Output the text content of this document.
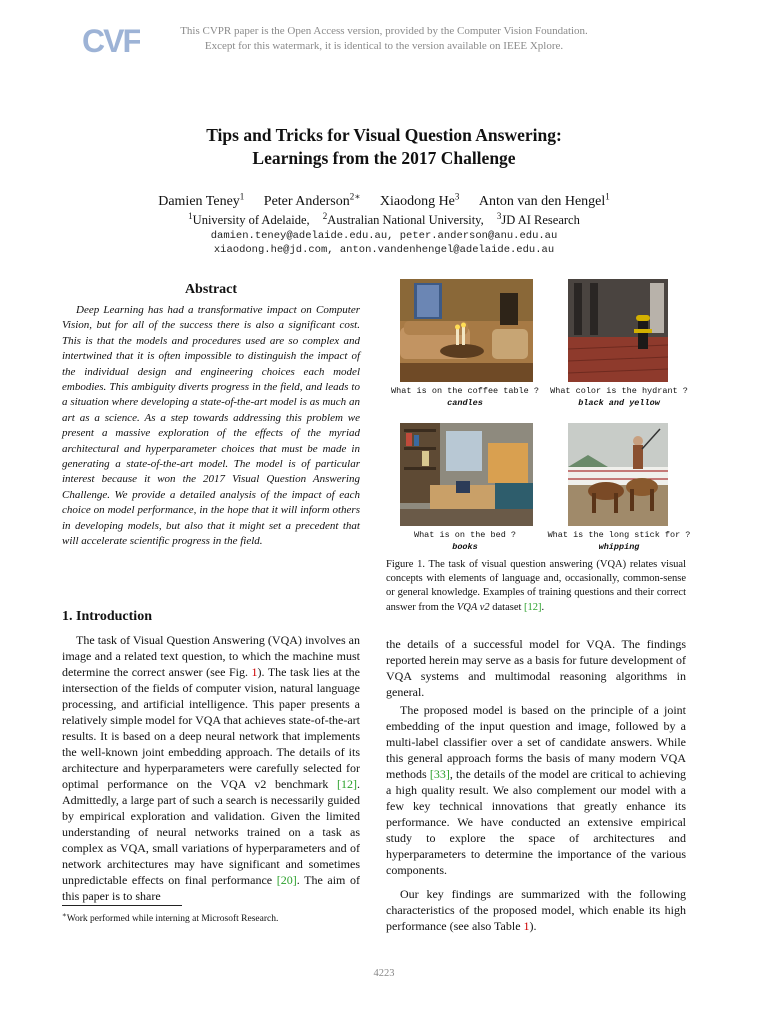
CVF	This CVPR paper is the Open Access version, provided by the Computer Vision Foundation.
Except for this watermark, it is identical to the version available on IEEE Xplore.
Tips and Tricks for Visual Question Answering:
Learnings from the 2017 Challenge
Damien Teney$^1$ Peter Anderson$^{2∗}$ Xiaodong He$^3$ Anton van den Hengel$^1$
$^1$University of Adelaide, $^2$Australian National University, $^3$JD AI Research
damien.teney@adelaide.edu.au, peter.anderson@anu.edu.au
xiaodong.he@jd.com, anton.vandenhengel@adelaide.edu.au
Abstract

Deep Learning has had a transformative impact on Computer Vision, but for all of the success there is also a significant cost. This is that the models and procedures used are so complex and intertwined that it is often impossible to distinguish the impact of the individual design and engineering choices each model embodies. This ambiguity diverts progress in the field, and leads to a situation where developing a state-of-the-art model is as much an art as a science. As a step towards addressing this problem we present a massive exploration of the effects of the myriad architectural and hyperparameter choices that must be made in generating a state-of-the-art model. The model is of particular interest because it won the 2017 Visual Question Answering Challenge. We provide a detailed analysis of the impact of each choice on model performance, in the hope that it will inform others in developing models, but also that it might set a precedent that will accelerate scientific progress in the field.

1. Introduction

The task of Visual Question Answering (VQA) involves an image and a related text question, to which the machine must determine the correct answer (see Fig. 1). The task lies at the intersection of the fields of computer vision, natural language processing, and artificial intelligence. This paper presents a relatively simple model for VQA that achieves state-of-the-art results. It is based on a deep neural network that implements the well-known joint embedding approach. The details of its architecture and hyperparameters were carefully selected for optimal performance on the VQA v2 benchmark [12]. Admittedly, a large part of such a search is necessarily guided by empirical exploration and validation. Given the limited understanding of neural networks trained on a task as complex as VQA, small variations of hyperparameters and of network architectures may have significant and sometimes unpredictable effects on final performance [20]. The aim of this paper is to share

∗Work performed while interning at Microsoft Research.
What is on the coffee table ?
candles
What color is the hydrant ?
black and yellow
What is on the bed ?
books
What is the long stick for ?
whipping

Figure 1. The task of visual question answering (VQA) relates visual concepts with elements of language and, occasionally, common-sense or general knowledge. Examples of training questions and their correct answer from the VQA v2 dataset [12].

the details of a successful model for VQA. The findings reported herein may serve as a basis for future development of VQA systems and multimodal reasoning algorithms in general.

The proposed model is based on the principle of a joint embedding of the input question and image, followed by a multi-label classifier over a set of candidate answers. While this general approach forms the basis of many modern VQA methods [33], the details of the model are critical to achieving a high quality result. We also complement our model with a few key technical innovations that greatly enhance its performance. We have conducted an extensive empirical study to explore the space of architectures and hyperparameters to determine the importance of the various components.

Our key findings are summarized with the following characteristics of the proposed model, which enable its high performance (see also Table 1).

4223
